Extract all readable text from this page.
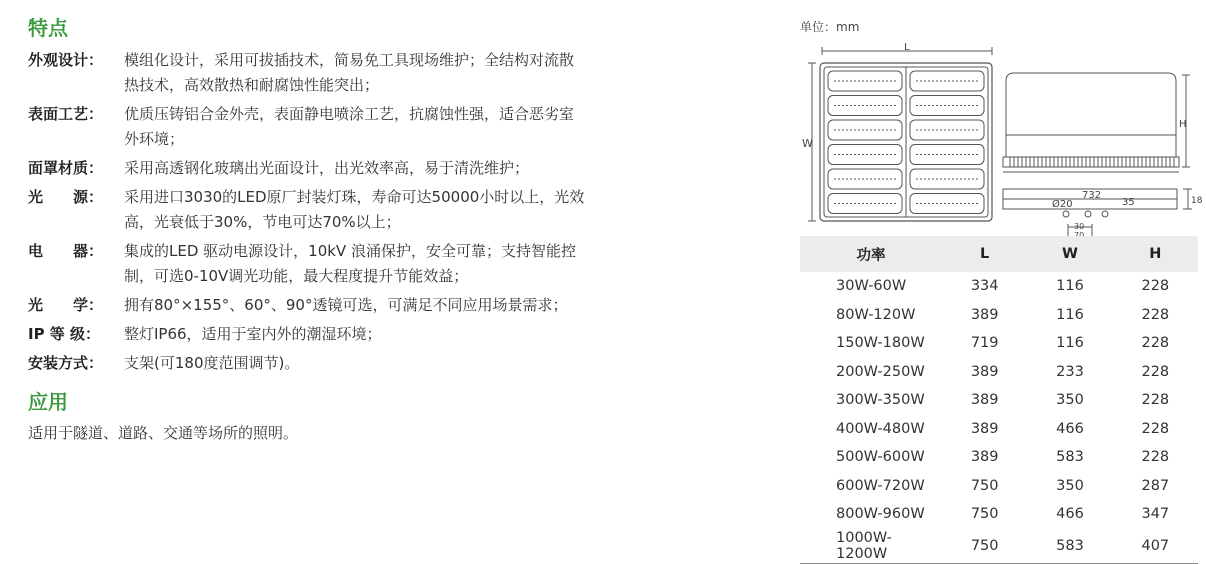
特点
外观设计：	模组化设计，采用可拔插技术，简易免工具现场维护；全结构对流散
热技术，高效散热和耐腐蚀性能突出；
表面工艺：	优质压铸铝合金外壳，表面静电喷涂工艺，抗腐蚀性强，适合恶劣室
外环境；
面罩材质：	采用高透钢化玻璃出光面设计，出光效率高，易于清洗维护；
光　　源：	采用进口3030的LED原厂封装灯珠，寿命可达50000小时以上，光效
高，光衰低于30%，节电可达70%以上；
电　　器：	集成的LED 驱动电源设计，10kV 浪涌保护，安全可靠；支持智能控
制，可选0-10V调光功能，最大程度提升节能效益；
光　　学：	拥有80°×155°、60°、90°透镜可选，可满足不同应用场景需求；
IP 等 级：	整灯IP66，适用于室内外的潮湿环境；
安装方式：	支架(可180度范围调节)。
应用
适用于隧道、道路、交通等场所的照明。
单位：mm
L
W
H
732
Ø20	35	18
30
功率	L	W	H
30W-60W	334	116	228
80W-120W	389	116	228
150W-180W	719	116	228
200W-250W	389	233	228
300W-350W	389	350	228
400W-480W	389	466	228
500W-600W	389	583	228
600W-720W	750	350	287
800W-960W	750	466	347
1000W-1200W	750	583	407
